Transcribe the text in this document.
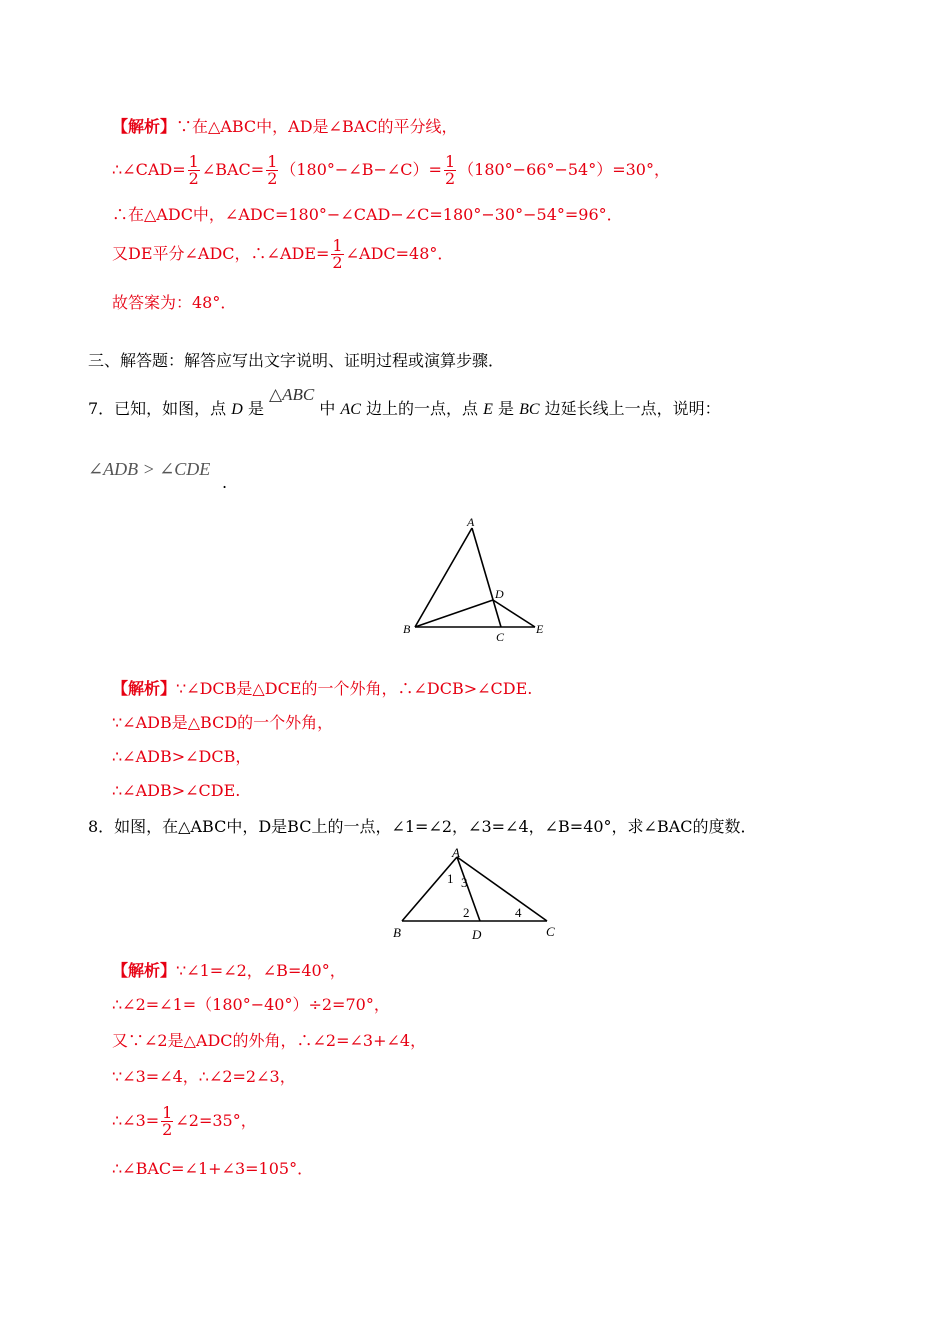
【解析】∵在△ABC中，AD是∠BAC的平分线，
∴∠CAD= $\frac{1}{2}$ ∠BAC= $\frac{1}{2}$ （180°−∠B−∠C）= $\frac{1}{2} (180^\circ-66^\circ-54^\circ)=30^\circ$，
∴在△ADC中，∠ADC=180°−∠CAD−∠C=180°−30°−54°=96°．
又DE平分∠ADC，∴∠ADE= $\frac{1}{2}$ ∠ADC=48°．
故答案为：48°．
三、解答题：解答应写出文字说明、证明过程或演算步骤．
7．已知，如图，点 D 是 △ABC 中 AC 边上的一点，点 E 是 BC 边延长线上一点，说明：
∠ADB > ∠CDE
.
A
B
C
D
E
【解析】∵∠DCB是△DCE的一个外角，∴∠DCB>∠CDE.
∵∠ADB是△BCD的一个外角，
∴∠ADB>∠DCB，
∴∠ADB>∠CDE.
8．如图，在△ABC中，D是BC上的一点，∠1=∠2，∠3=∠4，∠B=40°，求∠BAC的度数．
A
B	D	C
1 3
2	4
【解析】∵∠1=∠2，∠B=40°，
∴∠2=∠1=（180°−40°）÷2=70°，
又∵∠2是△ADC的外角，∴∠2=∠3+∠4，
∵∠3=∠4，∴∠2=2∠3，
∴∠3= $\frac{1}{2}$ ∠2=35°，
∴∠BAC=∠1+∠3=105°．
